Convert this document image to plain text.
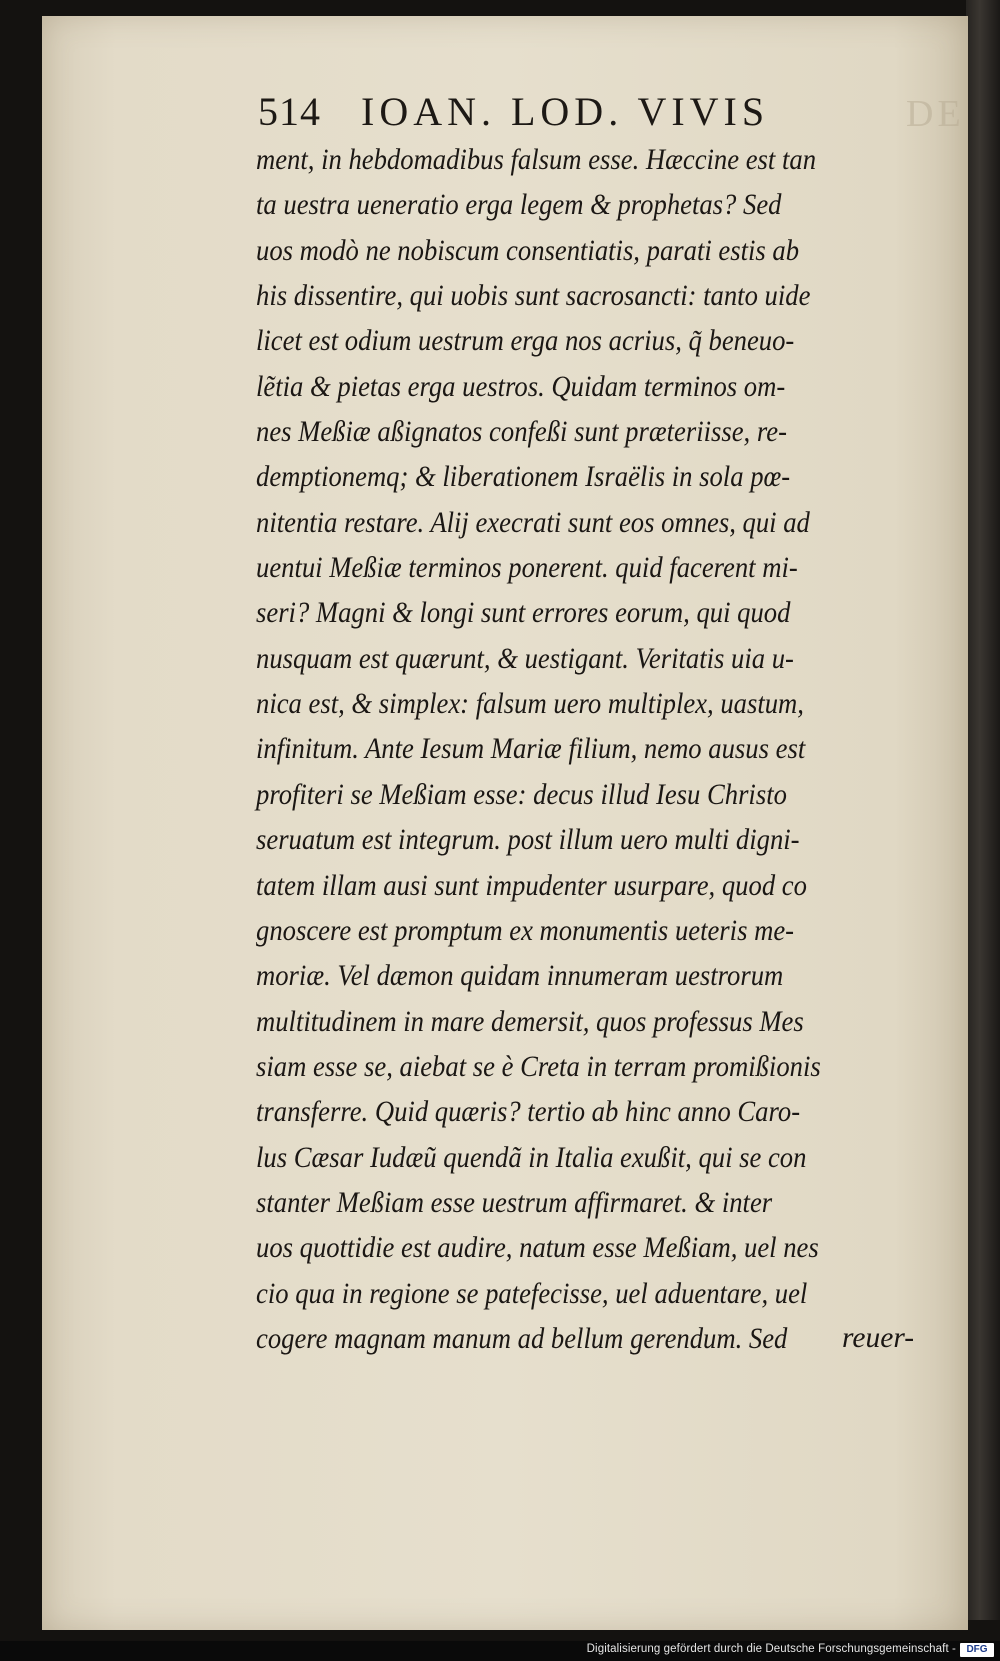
514 IOAN. LOD. VIVIS	DE
ment, in hebdomadibus falsum esse. Hæccine est tan
ta uestra ueneratio erga legem & prophetas? Sed
uos modò ne nobiscum consentiatis, parati estis ab
his dissentire, qui uobis sunt sacrosancti: tanto uide
licet est odium uestrum erga nos acrius, q̃ beneuo-
lẽtia & pietas erga uestros. Quidam terminos om-
nes Meßiæ aßignatos confeßi sunt præteriisse, re-
demptionemq; & liberationem Israëlis in sola pœ-
nitentia restare. Alij execrati sunt eos omnes, qui ad
uentui Meßiæ terminos ponerent. quid facerent mi-
seri? Magni & longi sunt errores eorum, qui quod
nusquam est quærunt, & uestigant. Veritatis uia u-
nica est, & simplex: falsum uero multiplex, uastum,
infinitum. Ante Iesum Mariæ filium, nemo ausus est
profiteri se Meßiam esse: decus illud Iesu Christo
seruatum est integrum. post illum uero multi digni-
tatem illam ausi sunt impudenter usurpare, quod co
gnoscere est promptum ex monumentis ueteris me-
moriæ. Vel dæmon quidam innumeram uestrorum
multitudinem in mare demersit, quos professus Mes
siam esse se, aiebat se è Creta in terram promißionis
transferre. Quid quæris? tertio ab hinc anno Caro-
lus Cæsar Iudæũ quendã in Italia exußit, qui se con
stanter Meßiam esse uestrum affirmaret. & inter
uos quottidie est audire, natum esse Meßiam, uel nes
cio qua in regione se patefecisse, uel aduentare, uel
cogere magnam manum ad bellum gerendum. Sed	reuer-
Digitalisierung gefördert durch die Deutsche Forschungsgemeinschaft -	DFG
